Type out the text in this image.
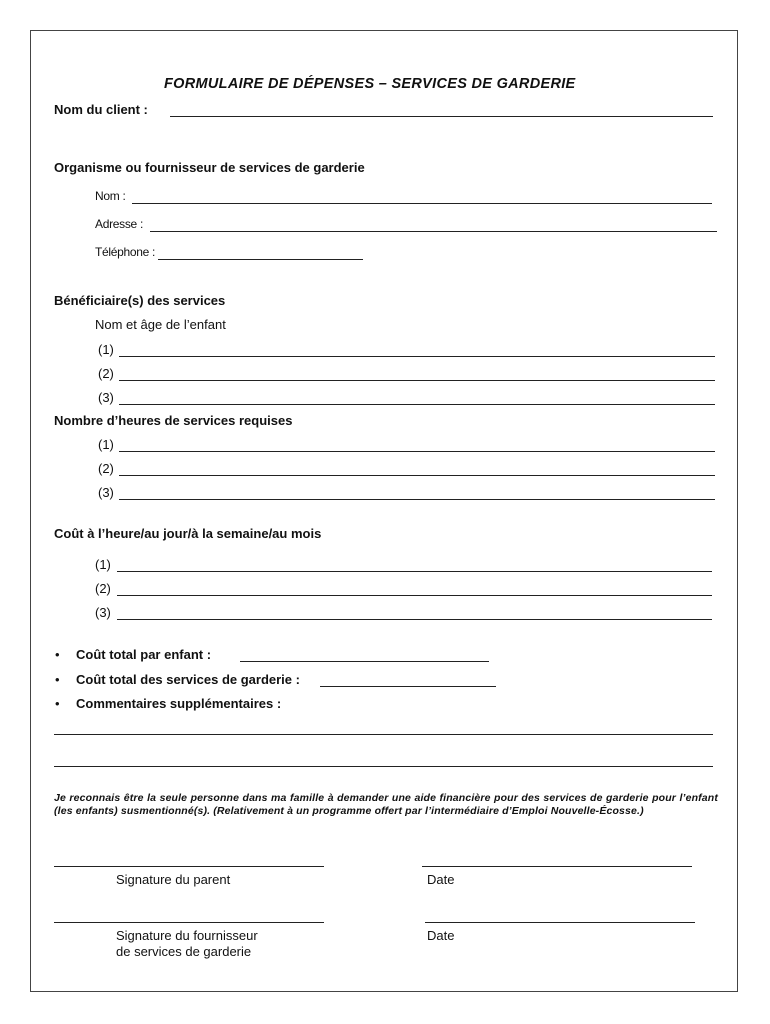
FORMULAIRE DE DÉPENSES – SERVICES DE GARDERIE
Nom du client :
Organisme ou fournisseur de services de garderie
Nom :
Adresse :
Téléphone :
Bénéficiaire(s) des services
Nom et âge de l’enfant
(1)
(2)
(3)
Nombre d’heures de services requises
(1)
(2)
(3)
Coût à l’heure/au jour/à la semaine/au mois
(1)
(2)
(3)
• Coût total par enfant :
• Coût total des services de garderie :
• Commentaires supplémentaires :
Je reconnais être la seule personne dans ma famille à demander une aide financière pour des services de garderie pour l’enfant (les enfants) susmentionné(s). (Relativement à un programme offert par l’intermédiaire d’Emploi Nouvelle-Écosse.)
Signature du parent	Date
Signature du fournisseur
de services de garderie
Date
